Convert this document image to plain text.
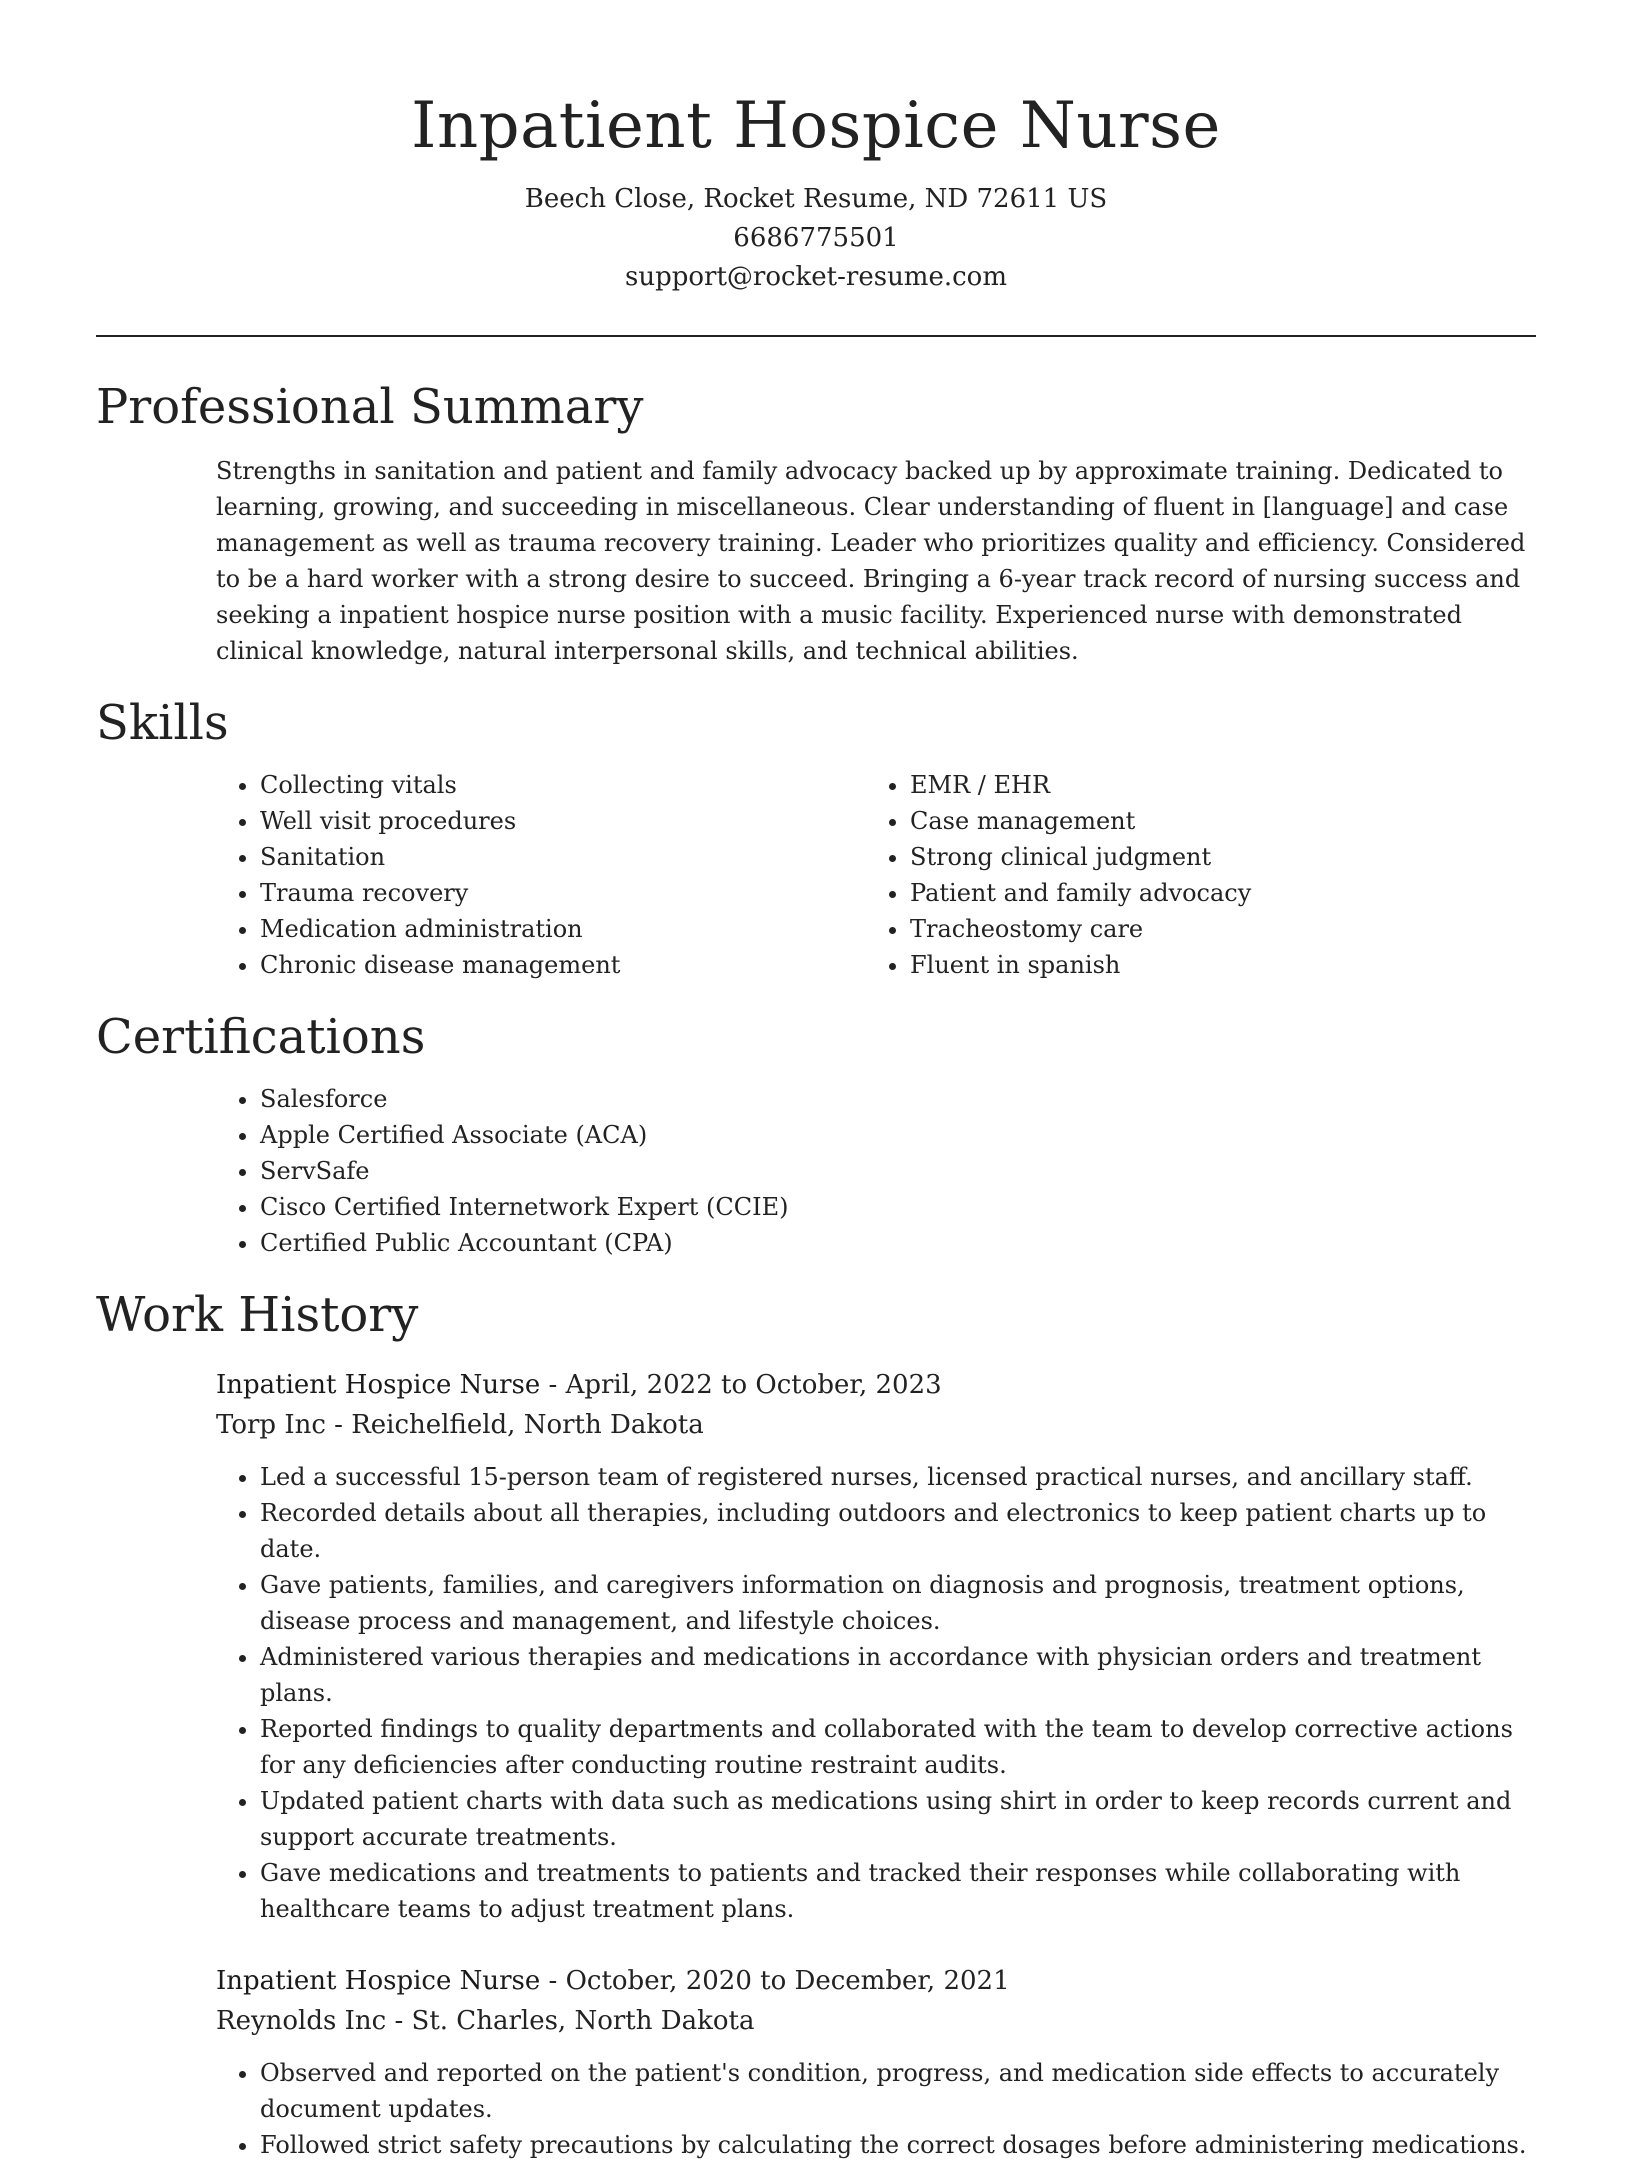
Inpatient Hospice Nurse

Beech Close, Rocket Resume, ND 72611 US

6686775501

support@rocket-resume.com

Professional Summary

Strengths in sanitation and patient and family advocacy backed up by approximate training. Dedicated to learning, growing, and succeeding in miscellaneous. Clear understanding of fluent in [language] and case management as well as trauma recovery training. Leader who prioritizes quality and efficiency. Considered to be a hard worker with a strong desire to succeed. Bringing a 6-year track record of nursing success and seeking a inpatient hospice nurse position with a music facility. Experienced nurse with demonstrated clinical knowledge, natural interpersonal skills, and technical abilities.

Skills
• Collecting vitals
• Well visit procedures
• Sanitation
• Trauma recovery
• Medication administration
• Chronic disease management
• EMR / EHR
• Case management
• Strong clinical judgment
• Patient and family advocacy
• Tracheostomy care
• Fluent in spanish
Certifications
• Salesforce
• Apple Certified Associate (ACA)
• ServSafe
• Cisco Certified Internetwork Expert (CCIE)
• Certified Public Accountant (CPA)
Work History

Inpatient Hospice Nurse - April, 2022 to October, 2023

Torp Inc - Reichelfield, North Dakota

• Led a successful 15-person team of registered nurses, licensed practical nurses, and ancillary staff.
• Recorded details about all therapies, including outdoors and electronics to keep patient charts up to date.
• Gave patients, families, and caregivers information on diagnosis and prognosis, treatment options, disease process and management, and lifestyle choices.
• Administered various therapies and medications in accordance with physician orders and treatment plans.
• Reported findings to quality departments and collaborated with the team to develop corrective actions for any deficiencies after conducting routine restraint audits.
• Updated patient charts with data such as medications using shirt in order to keep records current and support accurate treatments.
• Gave medications and treatments to patients and tracked their responses while collaborating with healthcare teams to adjust treatment plans.

Inpatient Hospice Nurse - October, 2020 to December, 2021

Reynolds Inc - St. Charles, North Dakota

• Observed and reported on the patient's condition, progress, and medication side effects to accurately document updates.
• Followed strict safety precautions by calculating the correct dosages before administering medications.
